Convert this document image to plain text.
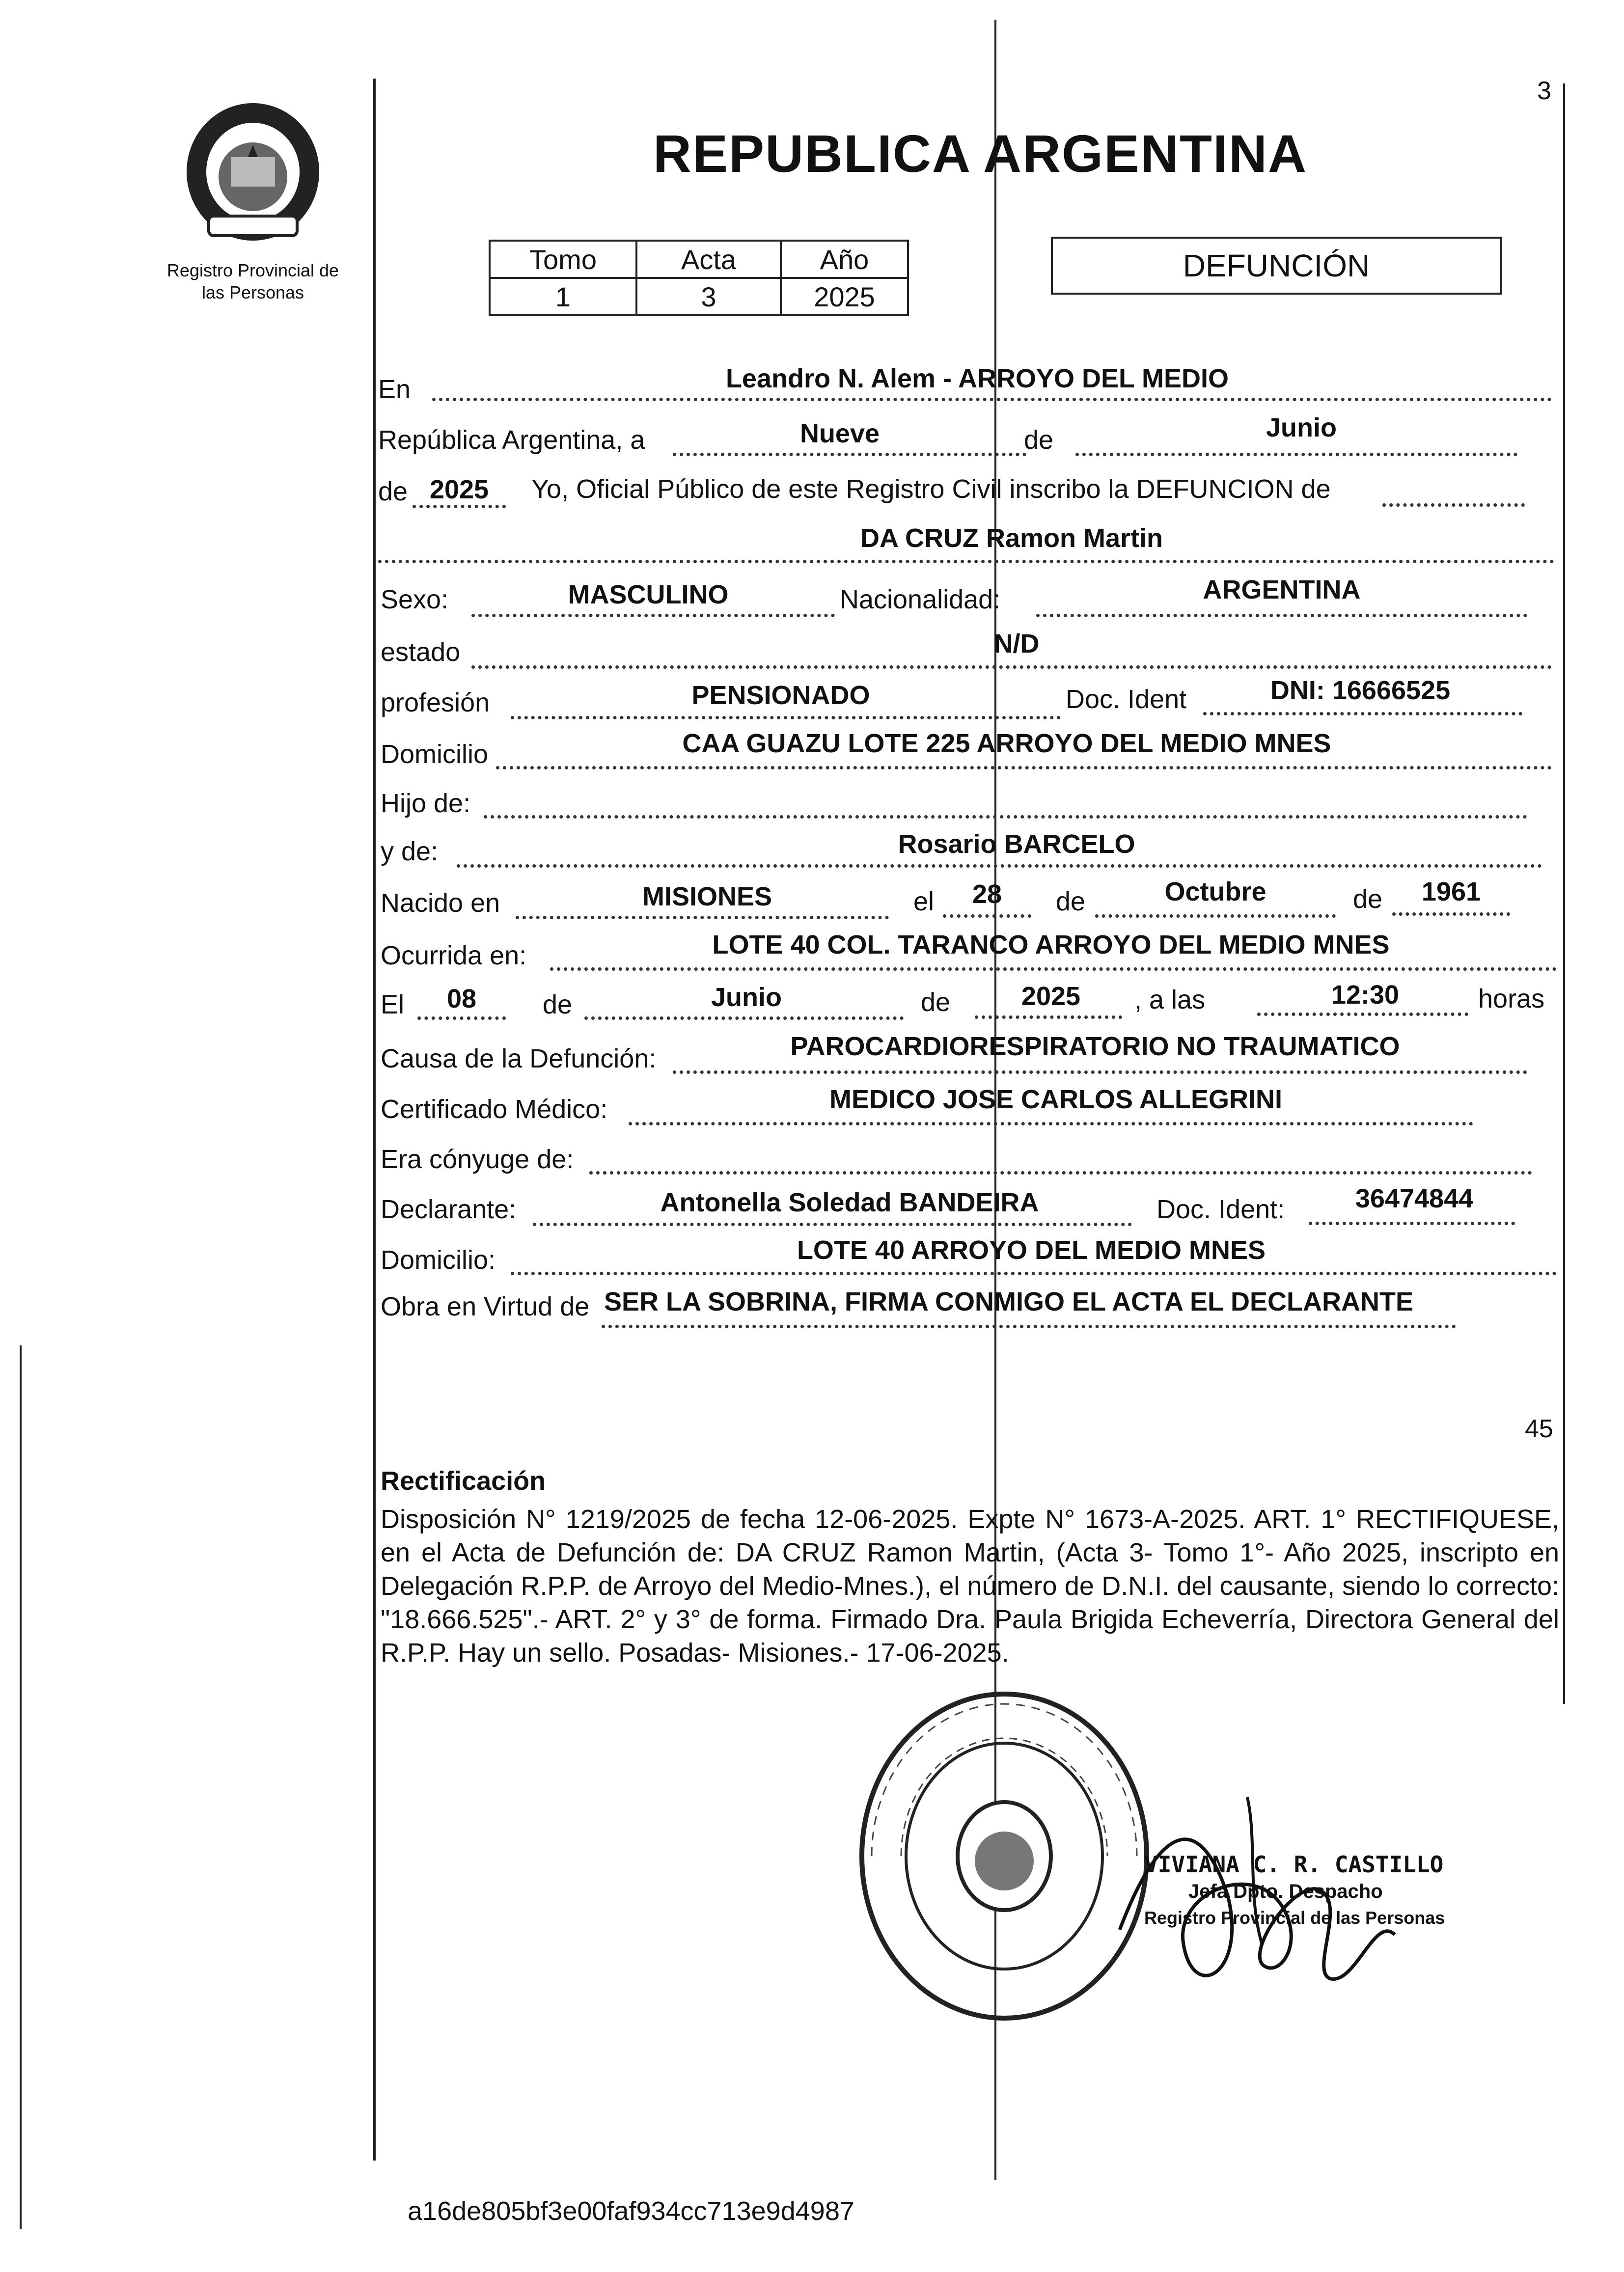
Registro Provincial de
las Personas
REPUBLICA ARGENTINA
3
Tomo	Acta	Año
1	3	2025
DEFUNCIÓN
En	Leandro N. Alem - ARROYO DEL MEDIO
República Argentina, a	Nueve	de	Junio
de 2025	Yo, Oficial Público de este Registro Civil inscribo la DEFUNCION de
DA CRUZ Ramon Martin
Sexo:	MASCULINO	Nacionalidad:	ARGENTINA
estado	N/D
profesión	PENSIONADO	Doc. Ident	DNI: 16666525
Domicilio	CAA GUAZU LOTE 225 ARROYO DEL MEDIO MNES
Hijo de:
y de:	Rosario BARCELO
Nacido en	MISIONES	el	28	de	Octubre	de	1961
Ocurrida en:	LOTE 40 COL. TARANCO ARROYO DEL MEDIO MNES
El	08	de	Junio	de	2025	, a las	12:30	horas
Causa de la Defunción:	PAROCARDIORESPIRATORIO NO TRAUMATICO
Certificado Médico:	MEDICO JOSE CARLOS ALLEGRINI
Era cónyuge de:
Declarante:	Antonella Soledad BANDEIRA	Doc. Ident:	36474844
Domicilio:	LOTE 40 ARROYO DEL MEDIO MNES
Obra en Virtud de SER LA SOBRINA, FIRMA CONMIGO EL ACTA EL DECLARANTE
45
Rectificación
Disposición N° 1219/2025 de fecha 12-06-2025. Expte N° 1673-A-2025. ART. 1° RECTIFIQUESE, en el Acta de Defunción de: DA CRUZ Ramon Martin, (Acta 3- Tomo 1°- Año 2025, inscripto en Delegación R.P.P. de Arroyo del Medio-Mnes.), el número de D.N.I. del causante, siendo lo correcto: "18.666.525".- ART. 2° y 3° de forma. Firmado Dra. Paula Brigida Echeverría, Directora General del R.P.P. Hay un sello. Posadas- Misiones.- 17-06-2025.
VIVIANA C. R. CASTILLO
Jefa Dpto. Despacho
Registro Provincial de las Personas
a16de805bf3e00faf934cc713e9d4987
